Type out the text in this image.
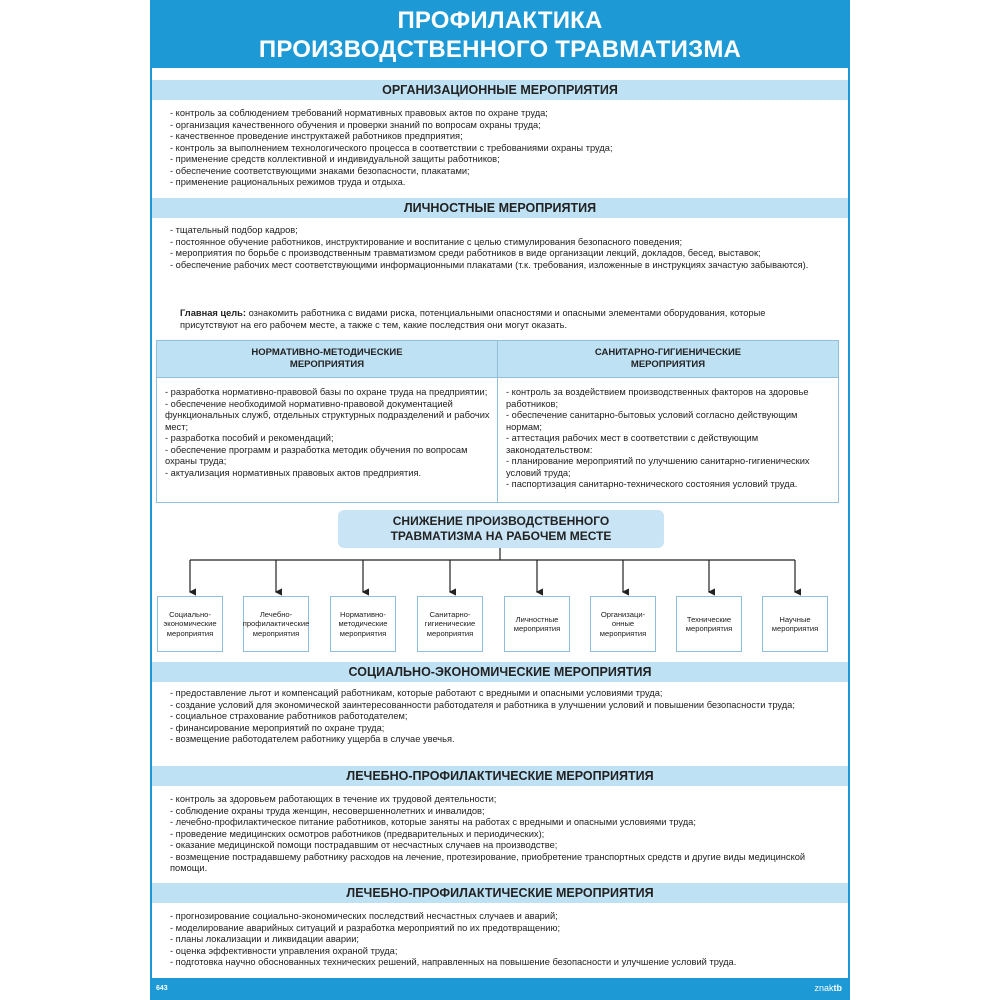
ПРОФИЛАКТИКА
ПРОИЗВОДСТВЕННОГО ТРАВМАТИЗМА
ОРГАНИЗАЦИОННЫЕ МЕРОПРИЯТИЯ
- контроль за соблюдением требований нормативных правовых актов по охране труда;
- организация качественного обучения и проверки знаний по вопросам охраны труда;
- качественное проведение инструктажей работников предприятия;
- контроль за выполнением технологического процесса в соответствии с требованиями охраны труда;
- применение средств коллективной и индивидуальной защиты работников;
- обеспечение соответствующими знаками безопасности, плакатами;
- применение рациональных режимов труда и отдыха.
ЛИЧНОСТНЫЕ МЕРОПРИЯТИЯ
- тщательный подбор кадров;
- постоянное обучение работников, инструктирование и воспитание с целью стимулирования безопасного поведения;
- мероприятия по борьбе с производственным травматизмом среди работников в виде организации лекций, докладов, бесед, выставок;
- обеспечение рабочих мест соответствующими информационными плакатами (т.к. требования, изложенные в инструкциях зачастую забываются).
Главная цель: ознакомить работника с видами риска, потенциальными опасностями и опасными элементами оборудования, которые присутствуют на его рабочем месте, а также с тем, какие последствия они могут оказать.
НОРМАТИВНО-МЕТОДИЧЕСКИЕ
МЕРОПРИЯТИЯ
- разработка нормативно-правовой базы по охране труда на предприятии;
- обеспечение необходимой нормативно-правовой документацией функциональных служб, отдельных структурных подразделений и рабочих мест;
- разработка пособий и рекомендаций;
- обеспечение программ и разработка методик обучения по вопросам охраны труда;
- актуализация нормативных правовых актов предприятия.
САНИТАРНО-ГИГИЕНИЧЕСКИЕ
МЕРОПРИЯТИЯ
- контроль за воздействием производственных факторов на здоровье работников;
- обеспечение санитарно-бытовых условий согласно действующим нормам;
- аттестация рабочих мест в соответствии с действующим законодательством:
- планирование мероприятий по улучшению санитарно-гигиенических условий труда;
- паспортизация санитарно-технического состояния условий труда.
СНИЖЕНИЕ ПРОИЗВОДСТВЕННОГО
ТРАВМАТИЗМА НА РАБОЧЕМ МЕСТЕ
Социально-экономические мероприятия
Лечебно-профилактические мероприятия
Нормативно-методические мероприятия
Санитарно-гигиенические мероприятия
Личностные мероприятия
Организаци-онные мероприятия
Технические мероприятия
Научные мероприятия
СОЦИАЛЬНО-ЭКОНОМИЧЕСКИЕ МЕРОПРИЯТИЯ
- предоставление льгот и компенсаций работникам, которые работают с вредными и опасными условиями труда;
- создание условий для экономической заинтересованности работодателя и работника в улучшении условий и повышении безопасности труда;
- социальное страхование работников работодателем;
- финансирование мероприятий по охране труда;
- возмещение работодателем работнику ущерба в случае увечья.
ЛЕЧЕБНО-ПРОФИЛАКТИЧЕСКИЕ МЕРОПРИЯТИЯ
- контроль за здоровьем работающих в течение их трудовой деятельности;
- соблюдение охраны труда женщин, несовершеннолетних и инвалидов;
- лечебно-профилактическое питание работников, которые заняты на работах с вредными и опасными условиями труда;
- проведение медицинских осмотров работников (предварительных и периодических);
- оказание медицинской помощи пострадавшим от несчастных случаев на производстве;
- возмещение пострадавшему работнику расходов на лечение, протезирование, приобретение транспортных средств и другие виды медицинской помощи.
ЛЕЧЕБНО-ПРОФИЛАКТИЧЕСКИЕ МЕРОПРИЯТИЯ
- прогнозирование социально-экономических последствий несчастных случаев и аварий;
- моделирование аварийных ситуаций и разработка мероприятий по их предотвращению;
- планы локализации и ликвидации аварии;
- оценка эффективности управления охраной труда;
- подготовка научно обоснованных технических решений, направленных на повышение безопасности и улучшение условий труда.
643	znaktb
